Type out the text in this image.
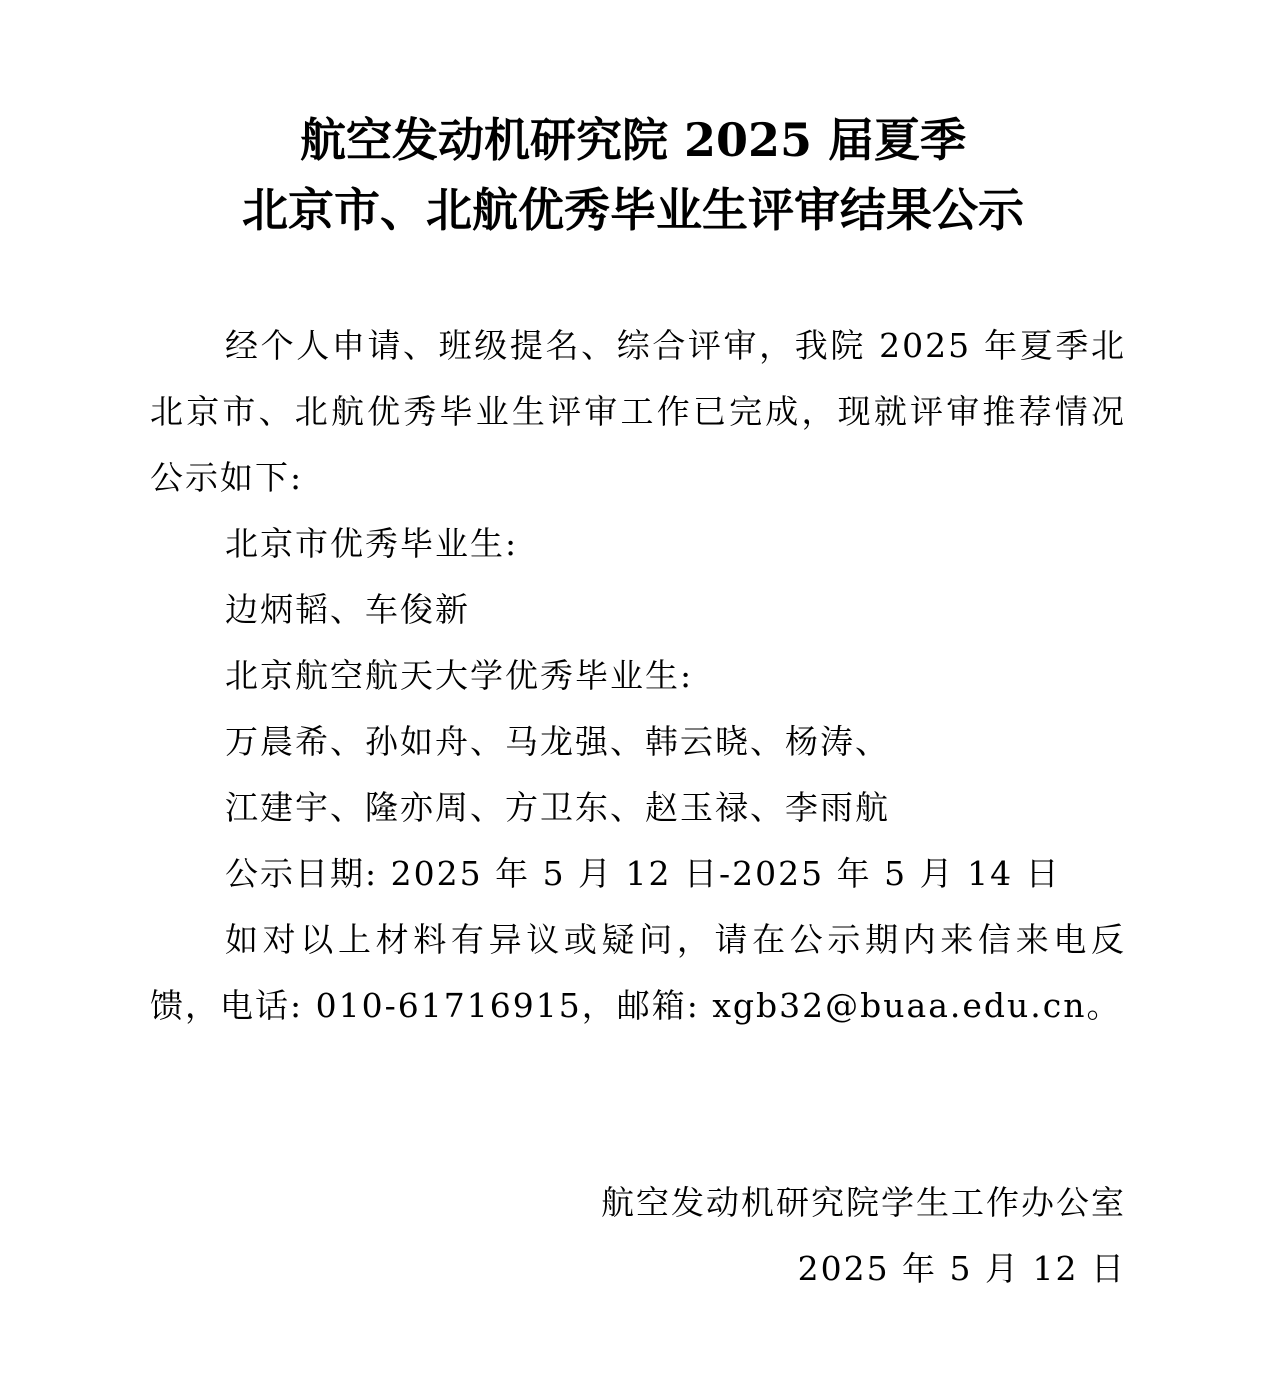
航空发动机研究院 2025 届夏季
北京市、北航优秀毕业生评审结果公示

经个人申请、班级提名、综合评审，我院 2025 年夏季北北京市、北航优秀毕业生评审工作已完成，现就评审推荐情况公示如下:

北京市优秀毕业生:

边炳韬、车俊新

北京航空航天大学优秀毕业生:

万晨希、孙如舟、马龙强、韩云晓、杨涛、

江建宇、隆亦周、方卫东、赵玉禄、李雨航

公示日期: 2025 年 5 月 12 日-2025 年 5 月 14 日

如对以上材料有异议或疑问，请在公示期内来信来电反馈，电话: 010-61716915，邮箱: xgb32@buaa.edu.cn。

航空发动机研究院学生工作办公室
2025 年 5 月 12 日
